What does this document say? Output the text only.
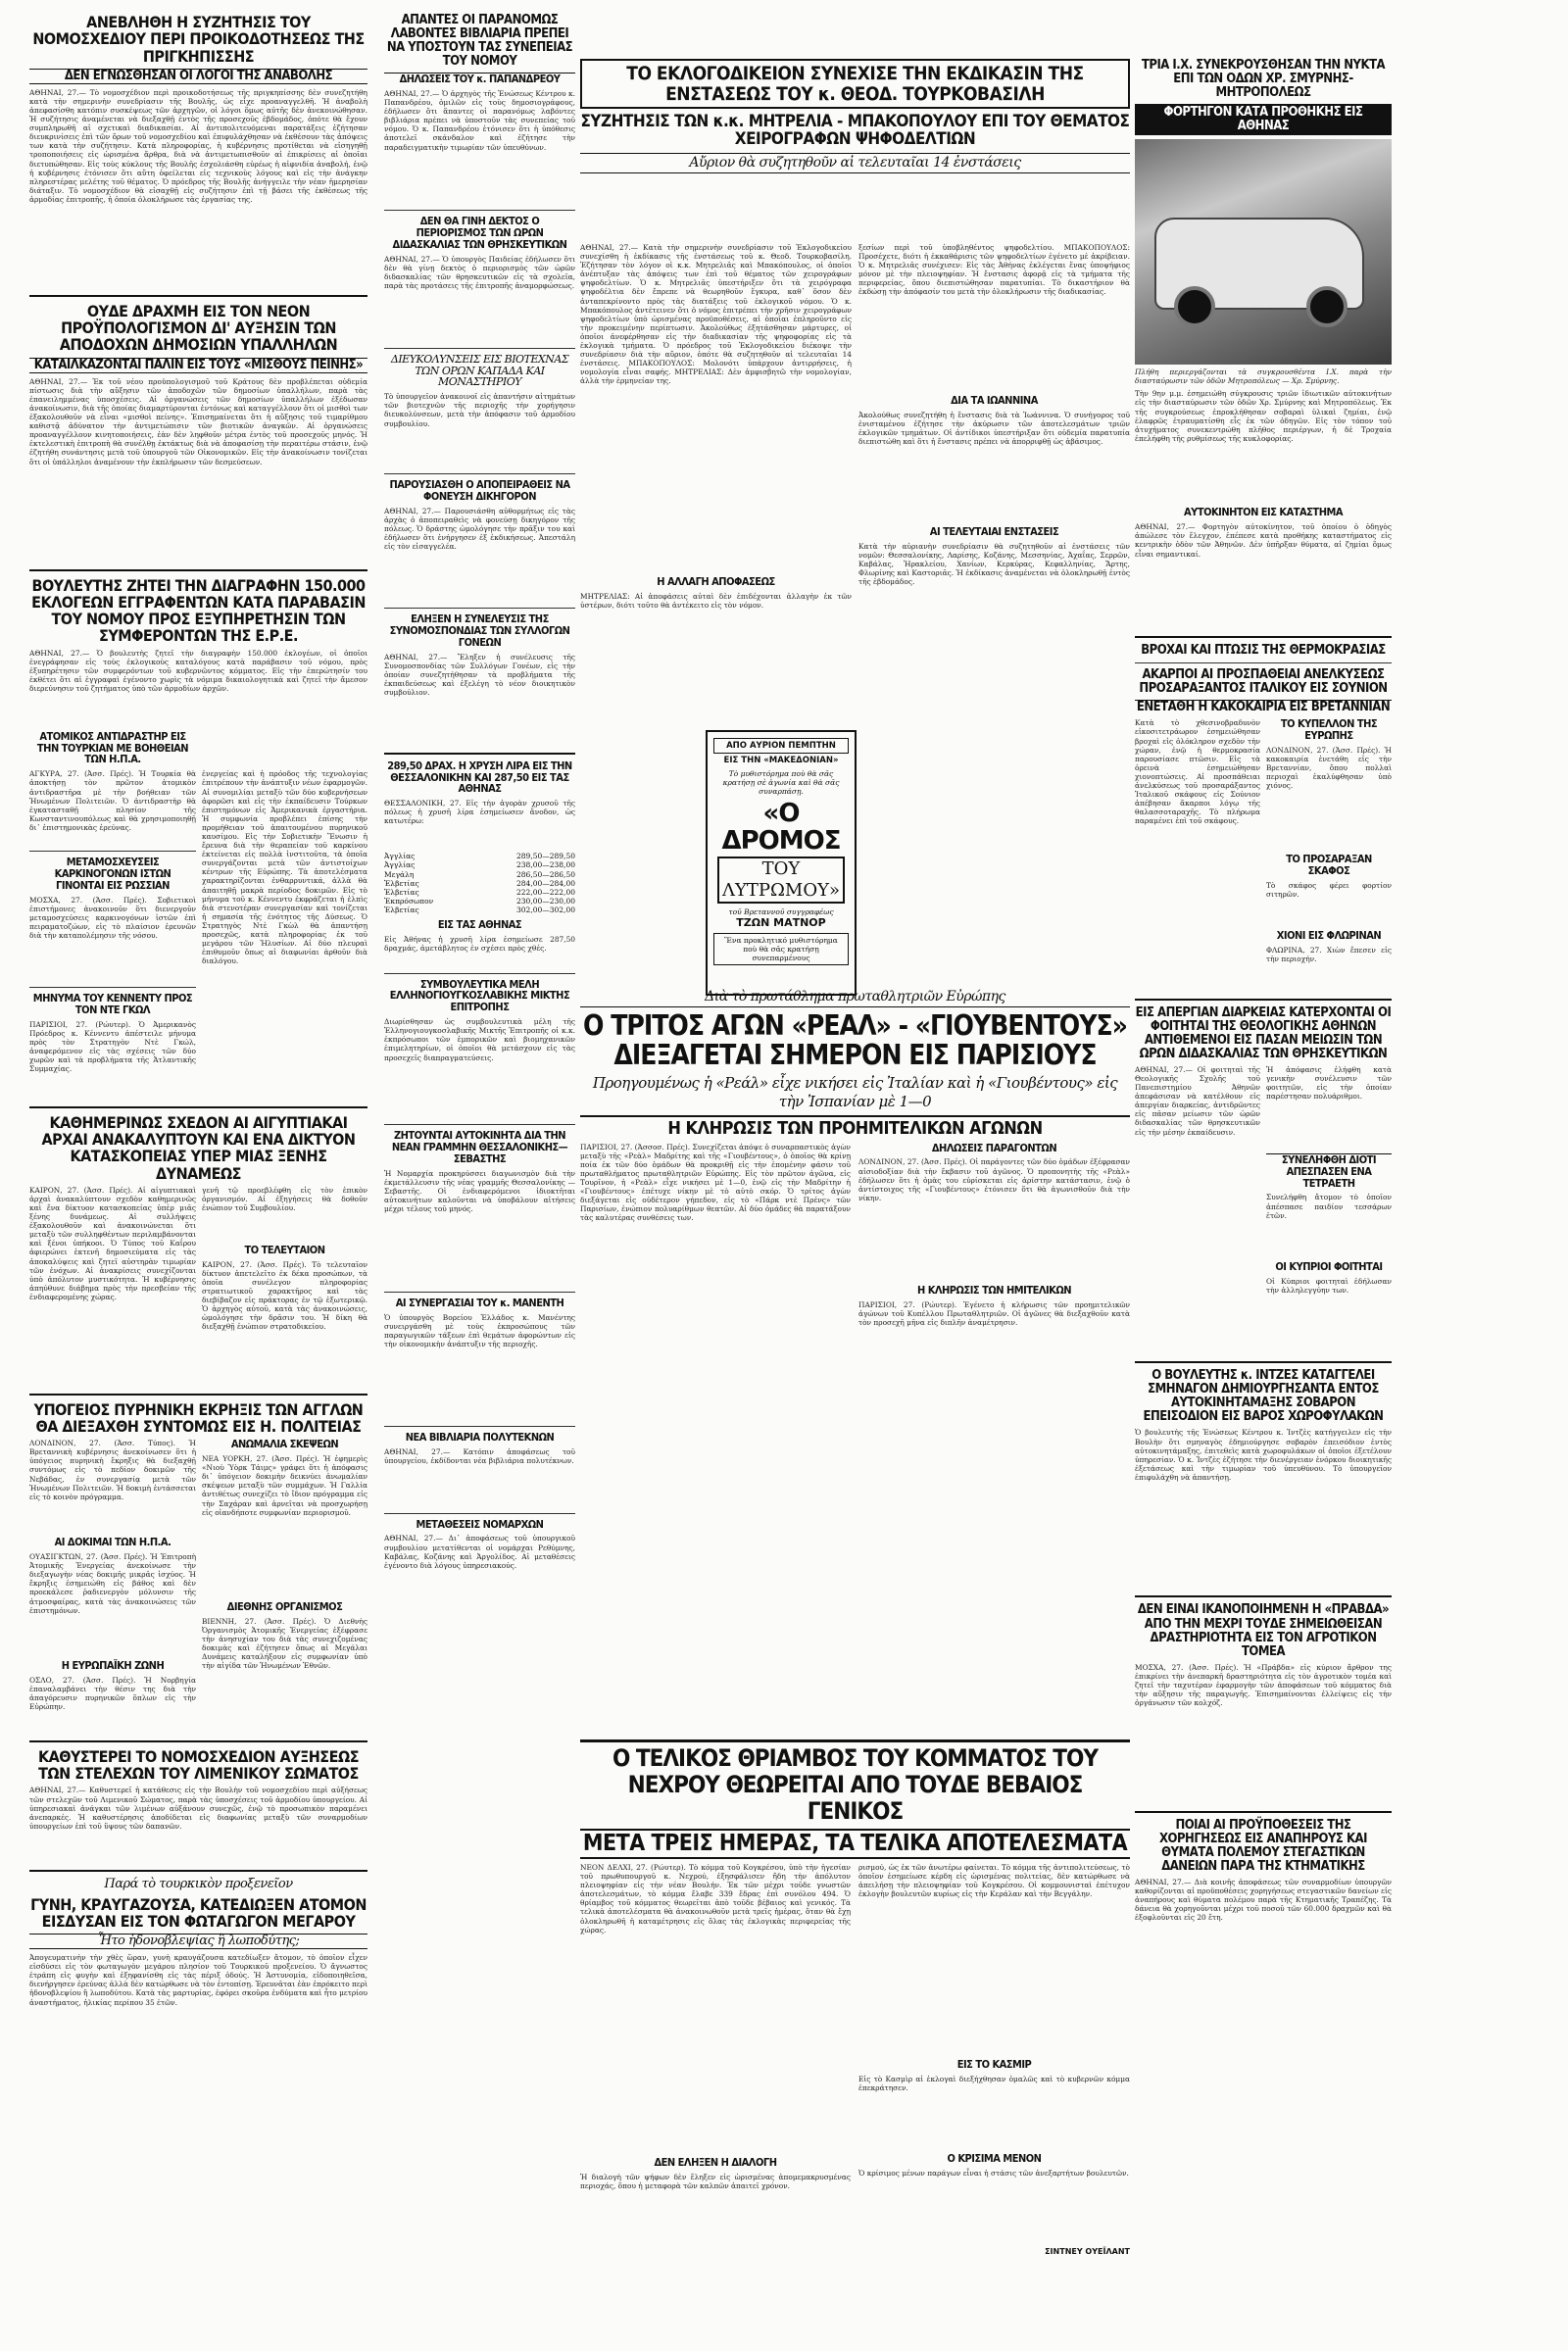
ΑΝΕΒΛΗΘΗ Η ΣΥΖΗΤΗΣΙΣ ΤΟΥ ΝΟΜΟΣΧΕΔΙΟΥ ΠΕΡΙ ΠΡΟΙΚΟΔΟΤΗΣΕΩΣ ΤΗΣ ΠΡΙΓΚΗΠΙΣΣΗΣ
ΔΕΝ ΕΓΝΩΣΘΗΣΑΝ ΟΙ ΛΟΓΟΙ ΤΗΣ ΑΝΑΒΟΛΗΣ
ΑΘΗΝΑΙ, 27.— Τὸ νομοσχέδιον περὶ προικοδοτήσεως τῆς πριγκηπίσσης δὲν συνεζητήθη κατὰ τὴν σημερινὴν συνεδρίασιν τῆς Βουλῆς, ὡς εἶχε προαναγγελθῆ. Ἡ ἀναβολὴ ἀπεφασίσθη κατόπιν συσκέψεως τῶν ἀρχηγῶν, οἱ λόγοι ὅμως αὐτῆς δὲν ἀνεκοινώθησαν. Ἡ συζήτησις ἀναμένεται νὰ διεξαχθῇ ἐντὸς τῆς προσεχοῦς ἑβδομάδος, ὁπότε θὰ ἔχουν συμπληρωθῆ αἱ σχετικαὶ διαδικασίαι. Αἱ ἀντιπολιτευόμεναι παρατάξεις ἐζήτησαν διευκρινίσεις ἐπὶ τῶν ὅρων τοῦ νομοσχεδίου καὶ ἐπιφυλάχθησαν νὰ ἐκθέσουν τὰς ἀπόψεις των κατὰ τὴν συζήτησιν. Κατὰ πληροφορίας, ἡ κυβέρνησις προτίθεται νὰ εἰσηγηθῇ τροποποιήσεις εἰς ὡρισμένα ἄρθρα, διὰ νὰ ἀντιμετωπισθοῦν αἱ ἐπικρίσεις αἱ ὁποῖαι διετυπώθησαν. Εἰς τοὺς κύκλους τῆς Βουλῆς ἐσχολιάσθη εὐρέως ἡ αἰφνιδία ἀναβολή, ἐνῷ ἡ κυβέρνησις ἐτόνισεν ὅτι αὕτη ὀφείλεται εἰς τεχνικοὺς λόγους καὶ εἰς τὴν ἀνάγκην πληρεστέρας μελέτης τοῦ θέματος. Ὁ πρόεδρος τῆς Βουλῆς ἀνήγγειλε τὴν νέαν ἡμερησίαν διάταξιν. Τὸ νομοσχέδιον θὰ εἰσαχθῇ εἰς συζήτησιν ἐπὶ τῇ βάσει τῆς ἐκθέσεως τῆς ἁρμοδίας ἐπιτροπῆς, ἡ ὁποία ὁλοκλήρωσε τὰς ἐργασίας της.
ΟΥΔΕ ΔΡΑΧΜΗ ΕΙΣ ΤΟΝ ΝΕΟΝ ΠΡΟΫΠΟΛΟΓΙΣΜΟΝ ΔΙ' ΑΥΞΗΣΙΝ ΤΩΝ ΑΠΟΔΟΧΩΝ ΔΗΜΟΣΙΩΝ ΥΠΑΛΛΗΛΩΝ
ΚΑΤΑΙΛΚΑΖΟΝΤΑΙ ΠΑΛΙΝ ΕΙΣ ΤΟΥΣ «ΜΙΣΘΟΥΣ ΠΕΙΝΗΣ»
ΑΘΗΝΑΙ, 27.— Ἐκ τοῦ νέου προϋπολογισμοῦ τοῦ Κράτους δὲν προβλέπεται οὐδεμία πίστωσις διὰ τὴν αὔξησιν τῶν ἀποδοχῶν τῶν δημοσίων ὑπαλλήλων, παρὰ τὰς ἐπανειλημμένας ὑποσχέσεις. Αἱ ὀργανώσεις τῶν δημοσίων ὑπαλλήλων ἐξέδωσαν ἀνακοίνωσιν, διὰ τῆς ὁποίας διαμαρτύρονται ἐντόνως καὶ καταγγέλλουν ὅτι οἱ μισθοὶ των ἐξακολουθοῦν νὰ εἶναι «μισθοὶ πείνης». Ἐπισημαίνεται ὅτι ἡ αὔξησις τοῦ τιμαρίθμου καθιστᾷ ἀδύνατον τὴν ἀντιμετώπισιν τῶν βιοτικῶν ἀναγκῶν. Αἱ ὀργανώσεις προαναγγέλλουν κινητοποιήσεις, ἐὰν δὲν ληφθοῦν μέτρα ἐντὸς τοῦ προσεχοῦς μηνός. Ἡ ἐκτελεστικὴ ἐπιτροπὴ θὰ συνέλθῃ ἐκτάκτως διὰ νὰ ἀποφασίσῃ τὴν περαιτέρω στάσιν, ἐνῷ ἐζητήθη συνάντησις μετὰ τοῦ ὑπουργοῦ τῶν Οἰκονομικῶν. Εἰς τὴν ἀνακοίνωσιν τονίζεται ὅτι οἱ ὑπάλληλοι ἀναμένουν τὴν ἐκπλήρωσιν τῶν δεσμεύσεων.
ΒΟΥΛΕΥΤΗΣ ΖΗΤΕΙ ΤΗΝ ΔΙΑΓΡΑΦΗΝ 150.000 ΕΚΛΟΓΕΩΝ ΕΓΓΡΑΦΕΝΤΩΝ ΚΑΤΑ ΠΑΡΑΒΑΣΙΝ ΤΟΥ ΝΟΜΟΥ ΠΡΟΣ ΕΞΥΠΗΡΕΤΗΣΙΝ ΤΩΝ ΣΥΜΦΕΡΟΝΤΩΝ ΤΗΣ Ε.Ρ.Ε.
ΑΘΗΝΑΙ, 27.— Ὁ βουλευτὴς ζητεῖ τὴν διαγραφὴν 150.000 ἐκλογέων, οἱ ὁποῖοι ἐνεγράφησαν εἰς τοὺς ἐκλογικοὺς καταλόγους κατὰ παράβασιν τοῦ νόμου, πρὸς ἐξυπηρέτησιν τῶν συμφερόντων τοῦ κυβερνῶντος κόμματος. Εἰς τὴν ἐπερώτησίν του ἐκθέτει ὅτι αἱ ἐγγραφαὶ ἐγένοντο χωρὶς τὰ νόμιμα δικαιολογητικὰ καὶ ζητεῖ τὴν ἄμεσον διερεύνησιν τοῦ ζητήματος ὑπὸ τῶν ἁρμοδίων ἀρχῶν.
ΑΤΟΜΙΚΟΣ ΑΝΤΙΔΡΑΣΤΗΡ ΕΙΣ ΤΗΝ ΤΟΥΡΚΙΑΝ ΜΕ ΒΟΗΘΕΙΑΝ ΤΩΝ Η.Π.Α.
ΑΓΚΥΡΑ, 27. (Ἀσσ. Πρές). Ἡ Τουρκία θὰ ἀποκτήσῃ τὸν πρῶτον ἀτομικὸν ἀντιδραστῆρα μὲ τὴν βοήθειαν τῶν Ἡνωμένων Πολιτειῶν. Ὁ ἀντιδραστὴρ θὰ ἐγκατασταθῇ πλησίον τῆς Κωνσταντινουπόλεως καὶ θὰ χρησιμοποιηθῇ δι᾿ ἐπιστημονικὰς ἐρεύνας.
ΜΕΤΑΜΟΣΧΕΥΣΕΙΣ ΚΑΡΚΙΝΟΓΟΝΩΝ ΙΣΤΩΝ ΓΙΝΟΝΤΑΙ ΕΙΣ ΡΩΣΣΙΑΝ
ΜΟΣΧΑ, 27. (Ἀσσ. Πρές). Σοβιετικοὶ ἐπιστήμονες ἀνακοινοῦν ὅτι διενεργοῦν μεταμοσχεύσεις καρκινογόνων ἱστῶν ἐπὶ πειραματοζώων, εἰς τὸ πλαίσιον ἐρευνῶν διὰ τὴν καταπολέμησιν τῆς νόσου.
ΜΗΝΥΜΑ ΤΟΥ ΚΕΝΝΕΝΤΥ ΠΡΟΣ ΤΟΝ ΝΤΕ ΓΚΩΛ
ΠΑΡΙΣΙΟΙ, 27. (Ρώυτερ). Ὁ Ἀμερικανὸς Πρόεδρος κ. Κέννεντυ ἀπέστειλε μήνυμα πρὸς τὸν Στρατηγὸν Ντὲ Γκώλ, ἀναφερόμενον εἰς τὰς σχέσεις τῶν δύο χωρῶν καὶ τὰ προβλήματα τῆς Ἀτλαντικῆς Συμμαχίας.
ἐνεργείας καὶ ἡ πρόοδος τῆς τεχνολογίας ἐπιτρέπουν τὴν ἀνάπτυξιν νέων ἐφαρμογῶν. Αἱ συνομιλίαι μεταξὺ τῶν δύο κυβερνήσεων ἀφορῶσι καὶ εἰς τὴν ἐκπαίδευσιν Τούρκων ἐπιστημόνων εἰς Ἀμερικανικὰ ἐργαστήρια. Ἡ συμφωνία προβλέπει ἐπίσης τὴν προμήθειαν τοῦ ἀπαιτουμένου πυρηνικοῦ καυσίμου. Εἰς τὴν Σοβιετικὴν Ἕνωσιν ἡ ἔρευνα διὰ τὴν θεραπείαν τοῦ καρκίνου ἐκτείνεται εἰς πολλὰ ἰνστιτοῦτα, τὰ ὁποῖα συνεργάζονται μετὰ τῶν ἀντιστοίχων κέντρων τῆς Εὐρώπης. Τὰ ἀποτελέσματα χαρακτηρίζονται ἐνθαρρυντικά, ἀλλὰ θὰ ἀπαιτηθῇ μακρὰ περίοδος δοκιμῶν. Εἰς τὸ μήνυμα τοῦ κ. Κέννεντυ ἐκφράζεται ἡ ἐλπὶς διὰ στενοτέραν συνεργασίαν καὶ τονίζεται ἡ σημασία τῆς ἑνότητος τῆς Δύσεως. Ὁ Στρατηγὸς Ντὲ Γκὼλ θὰ ἀπαντήσῃ προσεχῶς, κατὰ πληροφορίας ἐκ τοῦ μεγάρου τῶν Ἠλυσίων. Αἱ δύο πλευραὶ ἐπιθυμοῦν ὅπως αἱ διαφωνίαι ἀρθοῦν διὰ διαλόγου.
ΚΑΘΗΜΕΡΙΝΩΣ ΣΧΕΔΟΝ ΑΙ ΑΙΓΥΠΤΙΑΚΑΙ ΑΡΧΑΙ ΑΝΑΚΑΛΥΠΤΟΥΝ ΚΑΙ ΕΝΑ ΔΙΚΤΥΟΝ ΚΑΤΑΣΚΟΠΕΙΑΣ ΥΠΕΡ ΜΙΑΣ ΞΕΝΗΣ ΔΥΝΑΜΕΩΣ
ΚΑΙΡΟΝ, 27. (Ἀσσ. Πρές). Αἱ αἰγυπτιακαὶ ἀρχαὶ ἀνακαλύπτουν σχεδὸν καθημερινῶς καὶ ἕνα δίκτυον κατασκοπείας ὑπὲρ μιᾶς ξένης δυνάμεως. Αἱ συλλήψεις ἐξακολουθοῦν καὶ ἀνακοινώνεται ὅτι μεταξὺ τῶν συλληφθέντων περιλαμβάνονται καὶ ξένοι ὑπήκοοι. Ὁ Τύπος τοῦ Καΐρου ἀφιερώνει ἐκτενῆ δημοσιεύματα εἰς τὰς ἀποκαλύψεις καὶ ζητεῖ αὐστηρὰν τιμωρίαν τῶν ἐνόχων. Αἱ ἀνακρίσεις συνεχίζονται ὑπὸ ἀπόλυτον μυστικότητα. Ἡ κυβέρνησις ἀπηύθυνε διάβημα πρὸς τὴν πρεσβείαν τῆς ἐνδιαφερομένης χώρας.
γενῆ τῷ προεβλέφθη εἰς τὸν ἐπικὸν ὀργανισμόν. Αἱ ἐξηγήσεις θὰ δοθοῦν ἐνώπιον τοῦ Συμβουλίου.
ΤΟ ΤΕΛΕΥΤΑΙΟΝ
ΚΑΙΡΟΝ, 27. (Ἀσσ. Πρές). Τὸ τελευταῖον δίκτυον ἀπετελεῖτο ἐκ δέκα προσώπων, τὰ ὁποῖα συνέλεγον πληροφορίας στρατιωτικοῦ χαρακτῆρος καὶ τὰς διεβίβαζον εἰς πράκτορας ἐν τῷ ἐξωτερικῷ. Ὁ ἀρχηγὸς αὐτοῦ, κατὰ τὰς ἀνακοινώσεις, ὡμολόγησε τὴν δρᾶσιν του. Ἡ δίκη θὰ διεξαχθῇ ἐνώπιον στρατοδικείου.
ΥΠΟΓΕΙΟΣ ΠΥΡΗΝΙΚΗ ΕΚΡΗΞΙΣ ΤΩΝ ΑΓΓΛΩΝ ΘΑ ΔΙΕΞΑΧΘΗ ΣΥΝΤΟΜΩΣ ΕΙΣ Η. ΠΟΛΙΤΕΙΑΣ
ΛΟΝΔΙΝΟΝ, 27. (Ἀσσ. Τύπος). Ἡ Βρεταννικὴ κυβέρνησις ἀνεκοίνωσεν ὅτι ἡ ὑπόγειος πυρηνικὴ ἔκρηξις θὰ διεξαχθῇ συντόμως εἰς τὸ πεδίον δοκιμῶν τῆς Νεβάδας, ἐν συνεργασίᾳ μετὰ τῶν Ἡνωμένων Πολιτειῶν. Ἡ δοκιμὴ ἐντάσσεται εἰς τὸ κοινὸν πρόγραμμα.
ΑΙ ΔΟΚΙΜΑΙ ΤΩΝ Η.Π.Α.
ΟΥΑΣΙΓΚΤΩΝ, 27. (Ἀσσ. Πρές). Ἡ Ἐπιτροπὴ Ἀτομικῆς Ἐνεργείας ἀνεκοίνωσε τὴν διεξαγωγὴν νέας δοκιμῆς μικρᾶς ἰσχύος. Ἡ ἔκρηξις ἐσημειώθη εἰς βάθος καὶ δὲν προεκάλεσε ῥαδιενεργὸν μόλυνσιν τῆς ἀτμοσφαίρας, κατὰ τὰς ἀνακοινώσεις τῶν ἐπιστημόνων.
Η ΕΥΡΩΠΑΪΚΗ ΖΩΝΗ
ΟΣΛΟ, 27. (Ἀσσ. Πρές). Ἡ Νορβηγία ἐπαναλαμβάνει τὴν θέσιν της διὰ τὴν ἀπαγόρευσιν πυρηνικῶν ὅπλων εἰς τὴν Εὐρώπην.
ΑΝΩΜΑΛΙΑ ΣΚΕΨΕΩΝ
ΝΕΑ ΥΟΡΚΗ, 27. (Ἀσσ. Πρές). Ἡ ἐφημερὶς «Νιοὺ Ὑὸρκ Τάιμς» γράφει ὅτι ἡ ἀπόφασις δι᾿ ὑπόγειον δοκιμὴν δεικνύει ἀνωμαλίαν σκέψεων μεταξὺ τῶν συμμάχων. Ἡ Γαλλία ἀντιθέτως συνεχίζει τὸ ἴδιον πρόγραμμα εἰς τὴν Σαχάραν καὶ ἀρνεῖται νὰ προσχωρήσῃ εἰς οἱανδήποτε συμφωνίαν περιορισμοῦ.
ΔΙΕΘΝΗΣ ΟΡΓΑΝΙΣΜΟΣ
ΒΙΕΝΝΗ, 27. (Ἀσσ. Πρές). Ὁ Διεθνὴς Ὀργανισμὸς Ἀτομικῆς Ἐνεργείας ἐξέφρασε τὴν ἀνησυχίαν του διὰ τὰς συνεχιζομένας δοκιμὰς καὶ ἐζήτησεν ὅπως αἱ Μεγάλαι Δυνάμεις καταλήξουν εἰς συμφωνίαν ὑπὸ τὴν αἰγίδα τῶν Ἡνωμένων Ἐθνῶν.
ΚΑΘΥΣΤΕΡΕΙ ΤΟ ΝΟΜΟΣΧΕΔΙΟΝ ΑΥΞΗΣΕΩΣ ΤΩΝ ΣΤΕΛΕΧΩΝ ΤΟΥ ΛΙΜΕΝΙΚΟΥ ΣΩΜΑΤΟΣ
ΑΘΗΝΑΙ, 27.— Καθυστερεῖ ἡ κατάθεσις εἰς τὴν Βουλὴν τοῦ νομοσχεδίου περὶ αὐξήσεως τῶν στελεχῶν τοῦ Λιμενικοῦ Σώματος, παρὰ τὰς ὑποσχέσεις τοῦ ἁρμοδίου ὑπουργείου. Αἱ ὑπηρεσιακαὶ ἀνάγκαι τῶν λιμένων αὐξάνουν συνεχῶς, ἐνῷ τὸ προσωπικὸν παραμένει ἀνεπαρκές. Ἡ καθυστέρησις ἀποδίδεται εἰς διαφωνίας μεταξὺ τῶν συναρμοδίων ὑπουργείων ἐπὶ τοῦ ὕψους τῶν δαπανῶν.
Παρά τὸ τουρκικὸν προξενεῖον
ΓΥΝΗ, ΚΡΑΥΓΑΖΟΥΣΑ, ΚΑΤΕΔΙΩΞΕΝ ΑΤΟΜΟΝ ΕΙΣΔΥΣΑΝ ΕΙΣ ΤΟΝ ΦΩΤΑΓΩΓΟΝ ΜΕΓΑΡΟΥ
Ἦτο ἡδονοβλεψίας ἢ λωποδύτης;
Ἀπογευματινὴν τὴν χθὲς ὥραν, γυνὴ κραυγάζουσα κατεδίωξεν ἄτομον, τὸ ὁποῖον εἶχεν εἰσδύσει εἰς τὸν φωταγωγὸν μεγάρου πλησίον τοῦ Τουρκικοῦ προξενείου. Ὁ ἄγνωστος ἐτράπη εἰς φυγὴν καὶ ἐξηφανίσθη εἰς τὰς πέριξ ὁδούς. Ἡ Ἀστυνομία, εἰδοποιηθεῖσα, διενήργησεν ἐρεύνας ἀλλὰ δὲν κατώρθωσε νὰ τὸν ἐντοπίσῃ. Ἐρευνᾶται ἐὰν ἐπρόκειτο περὶ ἡδονοβλεψίου ἢ λωποδύτου. Κατὰ τὰς μαρτυρίας, ἐφόρει σκοῦρα ἐνδύματα καὶ ἦτο μετρίου ἀναστήματος, ἠλικίας περίπου 35 ἐτῶν.
ΑΠΑΝΤΕΣ ΟΙ ΠΑΡΑΝΟΜΩΣ ΛΑΒΟΝΤΕΣ ΒΙΒΛΙΑΡΙΑ ΠΡΕΠΕΙ ΝΑ ΥΠΟΣΤΟΥΝ ΤΑΣ ΣΥΝΕΠΕΙΑΣ ΤΟΥ ΝΟΜΟΥ
ΔΗΛΩΣΕΙΣ ΤΟΥ κ. ΠΑΠΑΝΔΡΕΟΥ
ΑΘΗΝΑΙ, 27.— Ὁ ἀρχηγὸς τῆς Ἑνώσεως Κέντρου κ. Παπανδρέου, ὁμιλῶν εἰς τοὺς δημοσιογράφους, ἐδήλωσεν ὅτι ἅπαντες οἱ παρανόμως λαβόντες βιβλιάρια πρέπει νὰ ὑποστοῦν τὰς συνεπείας τοῦ νόμου. Ὁ κ. Παπανδρέου ἐτόνισεν ὅτι ἡ ὑπόθεσις ἀποτελεῖ σκάνδαλον καὶ ἐζήτησε τὴν παραδειγματικὴν τιμωρίαν τῶν ὑπευθύνων.
ΔΕΝ ΘΑ ΓΙΝΗ ΔΕΚΤΟΣ Ο ΠΕΡΙΟΡΙΣΜΟΣ ΤΩΝ ΩΡΩΝ ΔΙΔΑΣΚΑΛΙΑΣ ΤΩΝ ΘΡΗΣΚΕΥΤΙΚΩΝ
ΑΘΗΝΑΙ, 27.— Ὁ ὑπουργὸς Παιδείας ἐδήλωσεν ὅτι δὲν θὰ γίνῃ δεκτὸς ὁ περιορισμὸς τῶν ὡρῶν διδασκαλίας τῶν θρησκευτικῶν εἰς τὰ σχολεῖα, παρὰ τὰς προτάσεις τῆς ἐπιτροπῆς ἀναμορφώσεως.
ΔΙΕΥΚΟΛΥΝΣΕΙΣ ΕΙΣ ΒΙΟΤΕΧΝΑΣ ΤΩΝ ΟΡΩΝ ΚΑΠΑΔΑ ΚΑΙ ΜΟΝΑΣΤΗΡΙΟΥ
Τὸ ὑπουργεῖον ἀνακοινοῖ εἰς ἀπαντήσιν αἰτημάτων τῶν βιοτεχνῶν τῆς περιοχῆς τὴν χορήγησιν διευκολύνσεων, μετὰ τὴν ἀπόφασιν τοῦ ἁρμοδίου συμβουλίου.
ΠΑΡΟΥΣΙΑΣΘΗ Ο ΑΠΟΠΕΙΡΑΘΕΙΣ ΝΑ ΦΟΝΕΥΣΗ ΔΙΚΗΓΟΡΟΝ
ΑΘΗΝΑΙ, 27.— Παρουσιάσθη αὐθορμήτως εἰς τὰς ἀρχὰς ὁ ἀποπειραθεὶς νὰ φονεύσῃ δικηγόρον τῆς πόλεως. Ὁ δράστης ὡμολόγησε τὴν πρᾶξιν του καὶ ἐδήλωσεν ὅτι ἐνήργησεν ἐξ ἐκδικήσεως. Ἀπεστάλη εἰς τὸν εἰσαγγελέα.
ΕΛΗΞΕΝ Η ΣΥΝΕΛΕΥΣΙΣ ΤΗΣ ΣΥΝΟΜΟΣΠΟΝΔΙΑΣ ΤΩΝ ΣΥΛΛΟΓΩΝ ΓΟΝΕΩΝ
ΑΘΗΝΑΙ, 27.— Ἔληξεν ἡ συνέλευσις τῆς Συνομοσπονδίας τῶν Συλλόγων Γονέων, εἰς τὴν ὁποίαν συνεζητήθησαν τὰ προβλήματα τῆς ἐκπαιδεύσεως καὶ ἐξελέγη τὸ νέον διοικητικὸν συμβούλιον.
289,50 ΔΡΑΧ. Η ΧΡΥΣΗ ΛΙΡΑ ΕΙΣ ΤΗΝ ΘΕΣΣΑΛΟΝΙΚΗΝ ΚΑΙ 287,50 ΕΙΣ ΤΑΣ ΑΘΗΝΑΣ
ΘΕΣΣΑΛΟΝΙΚΗ, 27. Εἰς τὴν ἀγορὰν χρυσοῦ τῆς πόλεως ἡ χρυσῆ λίρα ἐσημείωσεν ἄνοδον, ὡς κατωτέρω:
Ἀγγλίας	289,50—289,50
Ἀγγλίας	238,00—238,00
Μεγάλη	286,50—286,50
Ἑλβετίας	284,00—284,00
Ἑλβετίας	222,00—222,00
Ἐκπρόσωπον	230,00—230,00
Ἑλβετίας	302,00—302,00
ΕΙΣ ΤΑΣ ΑΘΗΝΑΣ
Εἰς Ἀθήνας ἡ χρυσῆ λίρα ἐσημείωσε 287,50 δραχμάς, ἀμετάβλητος ἐν σχέσει πρὸς χθές.
ΣΥΜΒΟΥΛΕΥΤΙΚΑ ΜΕΛΗ ΕΛΛΗΝΟΓΙΟΥΓΚΟΣΛΑΒΙΚΗΣ ΜΙΚΤΗΣ ΕΠΙΤΡΟΠΗΣ
Διωρίσθησαν ὡς συμβουλευτικὰ μέλη τῆς Ἑλληνογιουγκοσλαβικῆς Μικτῆς Ἐπιτροπῆς οἱ κ.κ. ἐκπρόσωποι τῶν ἐμπορικῶν καὶ βιομηχανικῶν ἐπιμελητηρίων, οἱ ὁποῖοι θὰ μετάσχουν εἰς τὰς προσεχεῖς διαπραγματεύσεις.
ΖΗΤΟΥΝΤΑΙ ΑΥΤΟΚΙΝΗΤΑ ΔΙΑ ΤΗΝ ΝΕΑΝ ΓΡΑΜΜΗΝ ΘΕΣΣΑΛΟΝΙΚΗΣ—ΣΕΒΑΣΤΗΣ
Ἡ Νομαρχία προκηρύσσει διαγωνισμὸν διὰ τὴν ἐκμετάλλευσιν τῆς νέας γραμμῆς Θεσσαλονίκης — Σεβαστῆς. Οἱ ἐνδιαφερόμενοι ἰδιοκτῆται αὐτοκινήτων καλοῦνται νὰ ὑποβάλουν αἰτήσεις μέχρι τέλους τοῦ μηνός.
ΑΙ ΣΥΝΕΡΓΑΣΙΑΙ ΤΟΥ κ. ΜΑΝΕΝΤΗ
Ὁ ὑπουργὸς Βορείου Ἑλλάδος κ. Μανέντης συνειργάσθη μὲ τοὺς ἐκπροσώπους τῶν παραγωγικῶν τάξεων ἐπὶ θεμάτων ἀφορώντων εἰς τὴν οἰκονομικὴν ἀνάπτυξιν τῆς περιοχῆς.
ΝΕΑ ΒΙΒΛΙΑΡΙΑ ΠΟΛΥΤΕΚΝΩΝ
ΑΘΗΝΑΙ, 27.— Κατόπιν ἀποφάσεως τοῦ ὑπουργείου, ἐκδίδονται νέα βιβλιάρια πολυτέκνων.
ΜΕΤΑΘΕΣΕΙΣ ΝΟΜΑΡΧΩΝ
ΑΘΗΝΑΙ, 27.— Δι᾿ ἀποφάσεως τοῦ ὑπουργικοῦ συμβουλίου μετατίθενται οἱ νομάρχαι Ρεθύμνης, Καβάλας, Κοζάνης καὶ Ἀργολίδος. Αἱ μεταθέσεις ἐγένοντο διὰ λόγους ὑπηρεσιακούς.
ΤΟ ΕΚΛΟΓΟΔΙΚΕΙΟΝ ΣΥΝΕΧΙΣΕ ΤΗΝ ΕΚΔΙΚΑΣΙΝ ΤΗΣ ΕΝΣΤΑΣΕΩΣ ΤΟΥ κ. ΘΕΟΔ. ΤΟΥΡΚΟΒΑΣΙΛΗ
ΣΥΖΗΤΗΣΙΣ ΤΩΝ κ.κ. ΜΗΤΡΕΛΙΑ - ΜΠΑΚΟΠΟΥΛΟΥ ΕΠΙ ΤΟΥ ΘΕΜΑΤΟΣ ΧΕΙΡΟΓΡΑΦΩΝ ΨΗΦΟΔΕΛΤΙΩΝ
Αὔριον θὰ συζητηθοῦν αἱ τελευταῖαι 14 ἐνστάσεις
ΑΘΗΝΑΙ, 27.— Κατὰ τὴν σημερινὴν συνεδρίασιν τοῦ Ἐκλογοδικείου συνεχίσθη ἡ ἐκδίκασις τῆς ἐνστάσεως τοῦ κ. Θεοδ. Τουρκοβασίλη. Ἐζήτησαν τὸν λόγον οἱ κ.κ. Μητρελιᾶς καὶ Μπακόπουλος, οἱ ὁποῖοι ἀνέπτυξαν τὰς ἀπόψεις των ἐπὶ τοῦ θέματος τῶν χειρογράφων ψηφοδελτίων. Ὁ κ. Μητρελιᾶς ὑπεστήριξεν ὅτι τὰ χειρόγραφα ψηφοδέλτια δὲν ἔπρεπε νὰ θεωρηθοῦν ἔγκυρα, καθ᾿ ὅσον δὲν ἀνταπεκρίνοντο πρὸς τὰς διατάξεις τοῦ ἐκλογικοῦ νόμου. Ὁ κ. Μπακόπουλος ἀντέτεινεν ὅτι ὁ νόμος ἐπιτρέπει τὴν χρῆσιν χειρογράφων ψηφοδελτίων ὑπὸ ὡρισμένας προϋποθέσεις, αἱ ὁποῖαι ἐπληροῦντο εἰς τὴν προκειμένην περίπτωσιν. Ἀκολούθως ἐξητάσθησαν μάρτυρες, οἱ ὁποῖοι ἀνεφέρθησαν εἰς τὴν διαδικασίαν τῆς ψηφοφορίας εἰς τὰ ἐκλογικὰ τμήματα. Ὁ πρόεδρος τοῦ Ἐκλογοδικείου διέκοψε τὴν συνεδρίασιν διὰ τὴν αὔριον, ὁπότε θὰ συζητηθοῦν αἱ τελευταῖαι 14 ἐνστάσεις. ΜΠΑΚΟΠΟΥΛΟΣ: Μολονότι ὑπάρχουν ἀντιρρήσεις, ἡ νομολογία εἶναι σαφής. ΜΗΤΡΕΛΙΑΣ: Δὲν ἀμφισβητῶ τὴν νομολογίαν, ἀλλὰ τὴν ἑρμηνείαν της.
Η ΑΛΛΑΓΗ ΑΠΟΦΑΣΕΩΣ
ΜΗΤΡΕΛΙΑΣ: Αἱ ἀποφάσεις αὐταὶ δὲν ἐπιδέχονται ἀλλαγὴν ἐκ τῶν ὑστέρων, διότι τοῦτο θὰ ἀντέκειτο εἰς τὸν νόμον.
ξεσίων περὶ τοῦ ὑποβληθέντος ψηφοδελτίου. ΜΠΑΚΟΠΟΥΛΟΣ: Προσέχετε, διότι ἡ ἐκκαθάρισις τῶν ψηφοδελτίων ἐγένετο μὲ ἀκρίβειαν. Ὁ κ. Μητρελιᾶς συνέχισεν: Εἰς τὰς Ἀθήνας ἐκλέγεται ἕνας ὑποψήφιος μόνον μὲ τὴν πλειοψηφίαν. Ἡ ἔνστασις ἀφορᾷ εἰς τὰ τμήματα τῆς περιφερείας, ὅπου διεπιστώθησαν παρατυπίαι. Τὸ δικαστήριον θὰ ἐκδώσῃ τὴν ἀπόφασίν του μετὰ τὴν ὁλοκλήρωσιν τῆς διαδικασίας.
ΔΙΑ ΤΑ ΙΩΑΝΝΙΝΑ
Ἀκολούθως συνεζητήθη ἡ ἔνστασις διὰ τὰ Ἰωάννινα. Ὁ συνήγορος τοῦ ἐνισταμένου ἐζήτησε τὴν ἀκύρωσιν τῶν ἀποτελεσμάτων τριῶν ἐκλογικῶν τμημάτων. Οἱ ἀντίδικοι ὑπεστήριξαν ὅτι οὐδεμία παρατυπία διεπιστώθη καὶ ὅτι ἡ ἔνστασις πρέπει νὰ ἀπορριφθῇ ὡς ἀβάσιμος.
ΑΙ ΤΕΛΕΥΤΑΙΑΙ ΕΝΣΤΑΣΕΙΣ
Κατὰ τὴν αὐριανὴν συνεδρίασιν θὰ συζητηθοῦν αἱ ἐνστάσεις τῶν νομῶν: Θεσσαλονίκης, Λαρίσης, Κοζάνης, Μεσσηνίας, Ἀχαΐας, Σερρῶν, Καβάλας, Ἡρακλείου, Χανίων, Κερκύρας, Κεφαλληνίας, Ἄρτης, Φλωρίνης καὶ Καστοριᾶς. Ἡ ἐκδίκασις ἀναμένεται νὰ ὁλοκληρωθῇ ἐντὸς τῆς ἑβδομάδος.
ΑΠΟ ΑΥΡΙΟΝ ΠΕΜΠΤΗΝ
ΕΙΣ ΤΗΝ «ΜΑΚΕΔΟΝΙΑΝ»
Τὸ μυθιστόρημα ποὺ θὰ σᾶς κρατήσῃ σὲ ἀγωνία καὶ θὰ σᾶς συναρπάσῃ.
«Ο ΔΡΟΜΟΣ
ΤΟΥ ΛΥΤΡΩΜΟΥ»
τοῦ Βρεταννοῦ συγγραφέως
ΤΖΩΝ ΜΑΤΝΟΡ
Ἕνα προκλητικό μυθιστόρημα ποὺ θὰ σᾶς κρατήσῃ συνεπαρμένους
Διὰ τὸ πρωτάθλημα πρωταθλητριῶν Εὐρώπης
Ο ΤΡΙΤΟΣ ΑΓΩΝ «ΡΕΑΛ» - «ΓΙΟΥΒΕΝΤΟΥΣ» ΔΙΕΞΑΓΕΤΑΙ ΣΗΜΕΡΟΝ ΕΙΣ ΠΑΡΙΣΙΟΥΣ
Προηγουμένως ἡ «Ρεάλ» εἶχε νικήσει εἰς Ἰταλίαν καὶ ἡ «Γιουβέντους» εἰς τὴν Ἰσπανίαν μὲ 1—0
Η ΚΛΗΡΩΣΙΣ ΤΩΝ ΠΡΟΗΜΙΤΕΛΙΚΩΝ ΑΓΩΝΩΝ
ΠΑΡΙΣΙΟΙ, 27. (Ἀσσοσ. Πρές). Συνεχίζεται ἀπόψε ὁ συναρπαστικὸς ἀγὼν μεταξὺ τῆς «Ρεὰλ» Μαδρίτης καὶ τῆς «Γιουβέντους», ὁ ὁποῖος θὰ κρίνῃ ποία ἐκ τῶν δύο ὁμάδων θὰ προκριθῇ εἰς τὴν ἑπομένην φάσιν τοῦ πρωταθλήματος πρωταθλητριῶν Εὐρώπης. Εἰς τὸν πρῶτον ἀγῶνα, εἰς Τουρῖνον, ἡ «Ρεὰλ» εἶχε νικήσει μὲ 1—0, ἐνῷ εἰς τὴν Μαδρίτην ἡ «Γιουβέντους» ἐπέτυχε νίκην μὲ τὸ αὐτὸ σκόρ. Ὁ τρίτος ἀγὼν διεξάγεται εἰς οὐδέτερον γήπεδον, εἰς τὸ «Πάρκ ντὲ Πρένς» τῶν Παρισίων, ἐνώπιον πολυαρίθμων θεατῶν. Αἱ δύο ὁμάδες θὰ παρατάξουν τὰς καλυτέρας συνθέσεις των.
ΔΗΛΩΣΕΙΣ ΠΑΡΑΓΟΝΤΩΝ
ΛΟΝΔΙΝΟΝ, 27. (Ἀσσ. Πρές). Οἱ παράγοντες τῶν δύο ὁμάδων ἐξέφρασαν αἰσιοδοξίαν διὰ τὴν ἔκβασιν τοῦ ἀγῶνος. Ὁ προπονητὴς τῆς «Ρεὰλ» ἐδήλωσεν ὅτι ἡ ὁμὰς του εὑρίσκεται εἰς ἀρίστην κατάστασιν, ἐνῷ ὁ ἀντίστοιχος τῆς «Γιουβέντους» ἐτόνισεν ὅτι θὰ ἀγωνισθοῦν διὰ τὴν νίκην.
Η ΚΛΗΡΩΣΙΣ ΤΩΝ ΗΜΙΤΕΛΙΚΩΝ
ΠΑΡΙΣΙΟΙ, 27. (Ρώυτερ). Ἐγένετο ἡ κλήρωσις τῶν προημιτελικῶν ἀγώνων τοῦ Κυπέλλου Πρωταθλητριῶν. Οἱ ἀγῶνες θὰ διεξαχθοῦν κατὰ τὸν προσεχῆ μῆνα εἰς διπλῆν ἀναμέτρησιν.
Ο ΤΕΛΙΚΟΣ ΘΡΙΑΜΒΟΣ ΤΟΥ ΚΟΜΜΑΤΟΣ ΤΟΥ ΝΕΧΡΟΥ ΘΕΩΡΕΙΤΑΙ ΑΠΟ ΤΟΥΔΕ ΒΕΒΑΙΟΣ ΓΕΝΙΚΟΣ
ΜΕΤΑ ΤΡΕΙΣ ΗΜΕΡΑΣ, ΤΑ ΤΕΛΙΚΑ ΑΠΟΤΕΛΕΣΜΑΤΑ
ΝΕΟΝ ΔΕΛΧΙ, 27. (Ρώυτερ). Τὸ κόμμα τοῦ Κογκρέσου, ὑπὸ τὴν ἡγεσίαν τοῦ πρωθυπουργοῦ κ. Νεχρού, ἐξησφάλισεν ἤδη τὴν ἀπόλυτον πλειοψηφίαν εἰς τὴν νέαν Βουλήν. Ἐκ τῶν μέχρι τοῦδε γνωστῶν ἀποτελεσμάτων, τὸ κόμμα ἔλαβε 339 ἕδρας ἐπὶ συνόλου 494. Ὁ θρίαμβος τοῦ κόμματος θεωρεῖται ἀπὸ τοῦδε βέβαιος καὶ γενικός. Τὰ τελικὰ ἀποτελέσματα θὰ ἀνακοινωθοῦν μετὰ τρεῖς ἡμέρας, ὅταν θὰ ἔχῃ ὁλοκληρωθῆ ἡ καταμέτρησις εἰς ὅλας τὰς ἐκλογικὰς περιφερείας τῆς χώρας.
ΔΕΝ ΕΛΗΞΕΝ Η ΔΙΑΛΟΓΗ
Ἡ διαλογὴ τῶν ψήφων δὲν ἔληξεν εἰς ὡρισμένας ἀπομεμακρυσμένας περιοχάς, ὅπου ἡ μεταφορὰ τῶν καλπῶν ἀπαιτεῖ χρόνον.
ρισμού, ὡς ἐκ τῶν ἀνωτέρω φαίνεται. Τὸ κόμμα τῆς ἀντιπολιτεύσεως, τὸ ὁποῖον ἐσημείωσε κέρδη εἰς ὡρισμένας πολιτείας, δὲν κατώρθωσε νὰ ἀπειλήσῃ τὴν πλειοψηφίαν τοῦ Κογκρέσου. Οἱ κομμουνισταὶ ἐπέτυχον ἐκλογὴν βουλευτῶν κυρίως εἰς τὴν Κεράλαν καὶ τὴν Βεγγάλην.
ΕΙΣ ΤΟ ΚΑΣΜΙΡ
Εἰς τὸ Κασμὶρ αἱ ἐκλογαὶ διεξήχθησαν ὁμαλῶς καὶ τὸ κυβερνῶν κόμμα ἐπεκράτησεν.
Ο ΚΡΙΣΙΜΑ ΜΕΝΟΝ
Ὁ κρίσιμος μένων παράγων εἶναι ἡ στάσις τῶν ἀνεξαρτήτων βουλευτῶν.
ΣΙΝΤΝΕΥ ΟΥΕΪΛΑΝΤ
ΤΡΙΑ Ι.Χ. ΣΥΝΕΚΡΟΥΣΘΗΣΑΝ ΤΗΝ ΝΥΚΤΑ ΕΠΙ ΤΩΝ ΟΔΩΝ ΧΡ. ΣΜΥΡΝΗΣ-ΜΗΤΡΟΠΟΛΕΩΣ
ΦΟΡΤΗΓΟΝ ΚΑΤΑ ΠΡΟΘΗΚΗΣ ΕΙΣ ΑΘΗΝΑΣ
Πλήθη περιεργάζονται τὰ συγκρουσθέντα Ι.Χ. παρὰ τὴν διασταύρωσιν τῶν ὁδῶν Μητροπόλεως — Χρ. Σμύρνης.
Τὴν 9ην μ.μ. ἐσημειώθη σύγκρουσις τριῶν ἰδιωτικῶν αὐτοκινήτων εἰς τὴν διασταύρωσιν τῶν ὁδῶν Χρ. Σμύρνης καὶ Μητροπόλεως. Ἐκ τῆς συγκρούσεως ἐπροκλήθησαν σοβαραὶ ὑλικαὶ ζημίαι, ἐνῷ ἐλαφρῶς ἐτραυματίσθη εἷς ἐκ τῶν ὁδηγῶν. Εἰς τὸν τόπον τοῦ ἀτυχήματος συνεκεντρώθη πλῆθος περιέργων, ἡ δὲ Τροχαία ἐπελήφθη τῆς ρυθμίσεως τῆς κυκλοφορίας.
ΑΥΤΟΚΙΝΗΤΟΝ ΕΙΣ ΚΑΤΑΣΤΗΜΑ
ΑΘΗΝΑΙ, 27.— Φορτηγὸν αὐτοκίνητον, τοῦ ὁποίου ὁ ὁδηγὸς ἀπώλεσε τὸν ἔλεγχον, ἐπέπεσε κατὰ προθήκης καταστήματος εἰς κεντρικὴν ὁδὸν τῶν Ἀθηνῶν. Δὲν ὑπῆρξαν θύματα, αἱ ζημίαι ὅμως εἶναι σημαντικαί.
ΒΡΟΧΑΙ ΚΑΙ ΠΤΩΣΙΣ ΤΗΣ ΘΕΡΜΟΚΡΑΣΙΑΣ
ΑΚΑΡΠΟΙ ΑΙ ΠΡΟΣΠΑΘΕΙΑΙ ΑΝΕΛΚΥΣΕΩΣ ΠΡΟΣΑΡΑΞΑΝΤΟΣ ΙΤΑΛΙΚΟΥ ΕΙΣ ΣΟΥΝΙΟΝ
ΕΝΕΤΑΘΗ Η ΚΑΚΟΚΑΙΡΙΑ ΕΙΣ ΒΡΕΤΑΝΝΙΑΝ
Κατὰ τὸ χθεσινοβραδυνὸν εἰκοσιτετράωρον ἐσημειώθησαν βροχαὶ εἰς ὁλόκληρον σχεδὸν τὴν χώραν, ἐνῷ ἡ θερμοκρασία παρουσίασε πτῶσιν. Εἰς τὰ ὀρεινὰ ἐσημειώθησαν χιονοπτώσεις. Αἱ προσπάθειαι ἀνελκύσεως τοῦ προσαράξαντος Ἰταλικοῦ σκάφους εἰς Σούνιον ἀπέβησαν ἄκαρποι λόγῳ τῆς θαλασσοταραχῆς. Τὸ πλήρωμα παραμένει ἐπὶ τοῦ σκάφους.
ΤΟ ΚΥΠΕΛΛΟΝ ΤΗΣ ΕΥΡΩΠΗΣ
ΛΟΝΔΙΝΟΝ, 27. (Ἀσσ. Πρές). Ἡ κακοκαιρία ἐνετάθη εἰς τὴν Βρεταννίαν, ὅπου πολλαὶ περιοχαὶ ἐκαλύφθησαν ὑπὸ χιόνος.
ΤΟ ΠΡΟΣΑΡΑΞΑΝ ΣΚΑΦΟΣ
Τὸ σκάφος φέρει φορτίον σιτηρῶν.
ΧΙΟΝΙ ΕΙΣ ΦΛΩΡΙΝΑΝ
ΦΛΩΡΙΝΑ, 27. Χιὼν ἔπεσεν εἰς τὴν περιοχήν.
ΕΙΣ ΑΠΕΡΓΙΑΝ ΔΙΑΡΚΕΙΑΣ ΚΑΤΕΡΧΟΝΤΑΙ ΟΙ ΦΟΙΤΗΤΑΙ ΤΗΣ ΘΕΟΛΟΓΙΚΗΣ ΑΘΗΝΩΝ ΑΝΤΙΘΕΜΕΝΟΙ ΕΙΣ ΠΑΣΑΝ ΜΕΙΩΣΙΝ ΤΩΝ ΩΡΩΝ ΔΙΔΑΣΚΑΛΙΑΣ ΤΩΝ ΘΡΗΣΚΕΥΤΙΚΩΝ
ΑΘΗΝΑΙ, 27.— Οἱ φοιτηταὶ τῆς Θεολογικῆς Σχολῆς τοῦ Πανεπιστημίου Ἀθηνῶν ἀπεφάσισαν νὰ κατέλθουν εἰς ἀπεργίαν διαρκείας, ἀντιδρῶντες εἰς πᾶσαν μείωσιν τῶν ὡρῶν διδασκαλίας τῶν θρησκευτικῶν εἰς τὴν μέσην ἐκπαίδευσιν.
Ἡ ἀπόφασις ἐλήφθη κατὰ γενικὴν συνέλευσιν τῶν φοιτητῶν, εἰς τὴν ὁποίαν παρέστησαν πολυάριθμοι.
ΣΥΝΕΛΗΦΘΗ ΔΙΟΤΙ ΑΠΕΣΠΑΣΕΝ ΕΝΑ ΤΕΤΡΑΕΤΗ
Συνελήφθη ἄτομον τὸ ὁποῖον ἀπέσπασε παιδίον τεσσάρων ἐτῶν.
ΟΙ ΚΥΠΡΙΟΙ ΦΟΙΤΗΤΑΙ
Οἱ Κύπριοι φοιτηταὶ ἐδήλωσαν τὴν ἀλληλεγγύην των.
Ο ΒΟΥΛΕΥΤΗΣ κ. ΙΝΤΖΕΣ ΚΑΤΑΓΓΕΛΕΙ ΣΜΗΝΑΓΟΝ ΔΗΜΙΟΥΡΓΗΣΑΝΤΑ ΕΝΤΟΣ ΑΥΤΟΚΙΝΗΤΑΜΑΞΗΣ ΣΟΒΑΡΟΝ ΕΠΕΙΣΟΔΙΟΝ ΕΙΣ ΒΑΡΟΣ ΧΩΡΟΦΥΛΑΚΩΝ
Ὁ βουλευτὴς τῆς Ἑνώσεως Κέντρου κ. Ἰντζὲς κατήγγειλεν εἰς τὴν Βουλὴν ὅτι σμηναγὸς ἐδημιούργησε σοβαρὸν ἐπεισόδιον ἐντὸς αὐτοκινητάμαξης, ἐπιτεθεὶς κατὰ χωροφυλάκων οἱ ὁποῖοι ἐξετέλουν ὑπηρεσίαν. Ὁ κ. Ἰντζὲς ἐζήτησε τὴν διενέργειαν ἐνόρκου διοικητικῆς ἐξετάσεως καὶ τὴν τιμωρίαν τοῦ ὑπευθύνου. Τὸ ὑπουργεῖον ἐπιφυλάχθη νὰ ἀπαντήσῃ.
ΔΕΝ ΕΙΝΑΙ ΙΚΑΝΟΠΟΙΗΜΕΝΗ Η «ΠΡΑΒΔΑ» ΑΠΟ ΤΗΝ ΜΕΧΡΙ ΤΟΥΔΕ ΣΗΜΕΙΩΘΕΙΣΑΝ ΔΡΑΣΤΗΡΙΟΤΗΤΑ ΕΙΣ ΤΟΝ ΑΓΡΟΤΙΚΟΝ ΤΟΜΕΑ
ΜΟΣΧΑ, 27. (Ἀσσ. Πρές). Ἡ «Πράβδα» εἰς κύριον ἄρθρον της ἐπικρίνει τὴν ἀνεπαρκῆ δραστηριότητα εἰς τὸν ἀγροτικὸν τομέα καὶ ζητεῖ τὴν ταχυτέραν ἐφαρμογὴν τῶν ἀποφάσεων τοῦ κόμματος διὰ τὴν αὔξησιν τῆς παραγωγῆς. Ἐπισημαίνονται ἐλλείψεις εἰς τὴν ὀργάνωσιν τῶν κολχόζ.
ΠΟΙΑΙ ΑΙ ΠΡΟΫΠΟΘΕΣΕΙΣ ΤΗΣ ΧΟΡΗΓΗΣΕΩΣ ΕΙΣ ΑΝΑΠΗΡΟΥΣ ΚΑΙ ΘΥΜΑΤΑ ΠΟΛΕΜΟΥ ΣΤΕΓΑΣΤΙΚΩΝ ΔΑΝΕΙΩΝ ΠΑΡΑ ΤΗΣ ΚΤΗΜΑΤΙΚΗΣ
ΑΘΗΝΑΙ, 27.— Διὰ κοινῆς ἀποφάσεως τῶν συναρμοδίων ὑπουργῶν καθορίζονται αἱ προϋποθέσεις χορηγήσεως στεγαστικῶν δανείων εἰς ἀναπήρους καὶ θύματα πολέμου παρὰ τῆς Κτηματικῆς Τραπέζης. Τὰ δάνεια θὰ χορηγοῦνται μέχρι τοῦ ποσοῦ τῶν 60.000 δραχμῶν καὶ θὰ ἐξοφλοῦνται εἰς 20 ἔτη.
